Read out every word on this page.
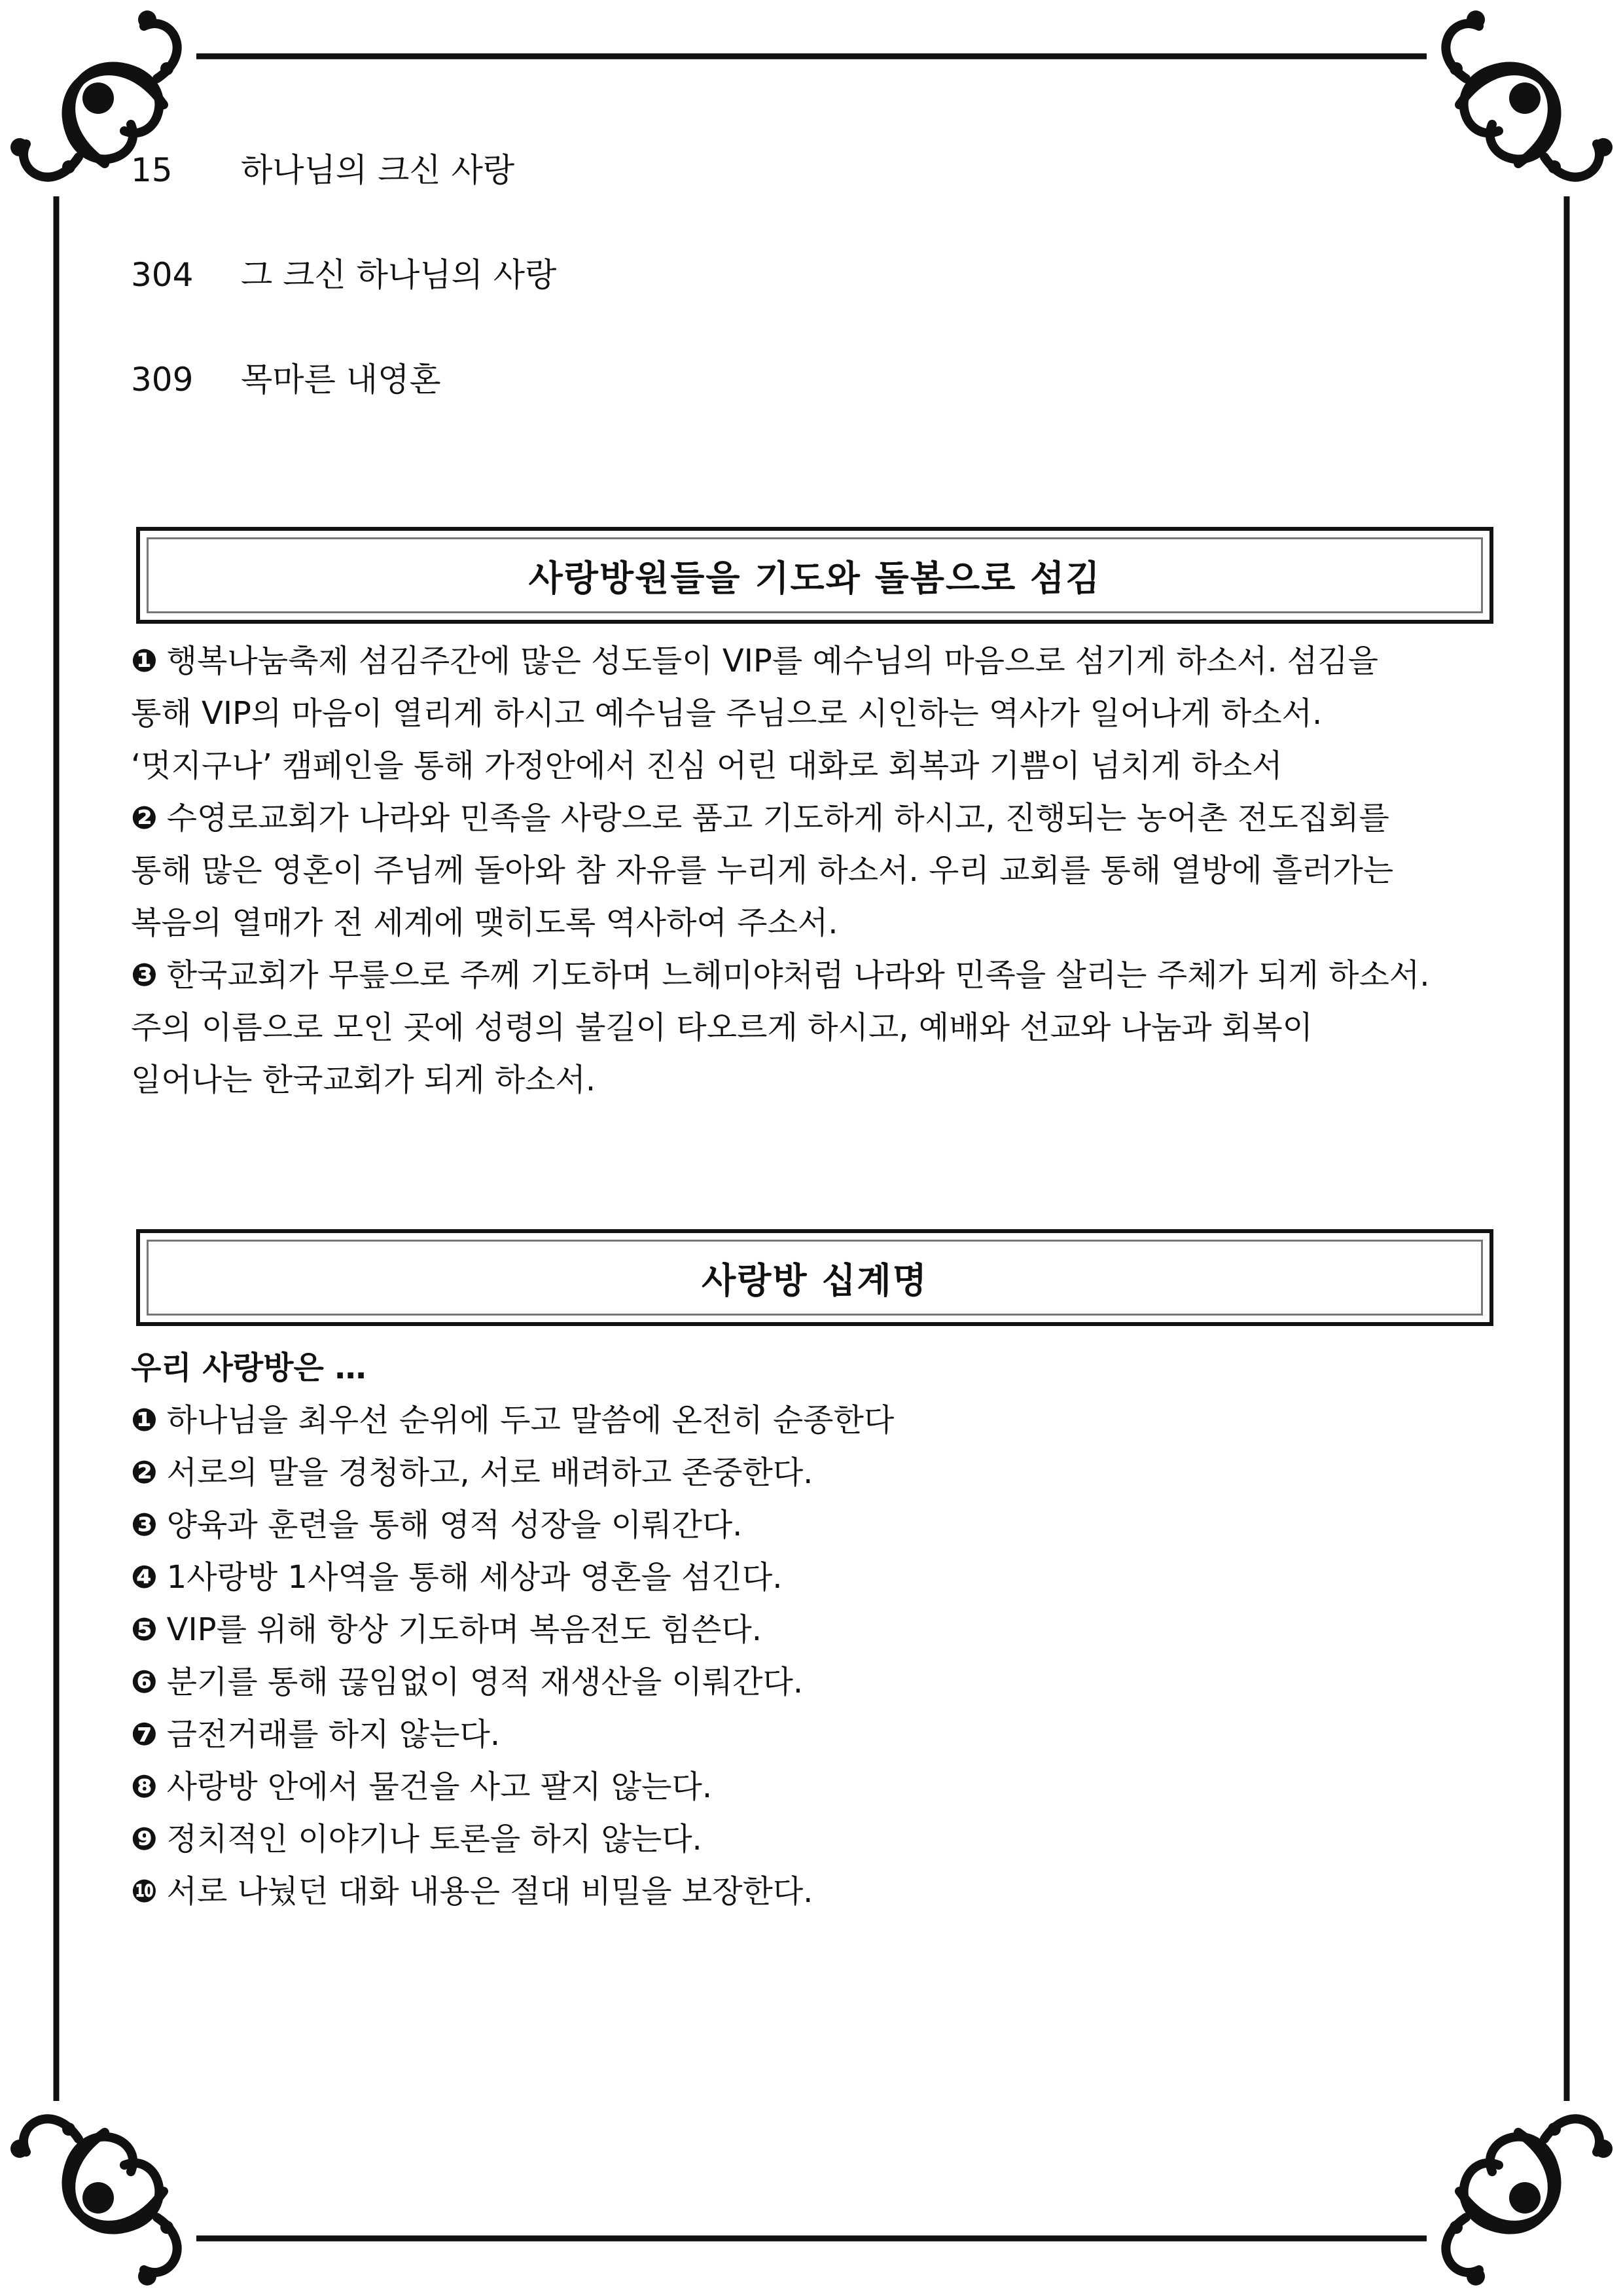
15	하나님의 크신 사랑
304	그 크신 하나님의 사랑
309	목마른 내영혼
사랑방원들을 기도와 돌봄으로 섬김
❶ 행복나눔축제 섬김주간에 많은 성도들이 VIP를 예수님의 마음으로 섬기게 하소서. 섬김을
통해 VIP의 마음이 열리게 하시고 예수님을 주님으로 시인하는 역사가 일어나게 하소서.
‘멋지구나’ 캠페인을 통해 가정안에서 진심 어린 대화로 회복과 기쁨이 넘치게 하소서
❷ 수영로교회가 나라와 민족을 사랑으로 품고 기도하게 하시고, 진행되는 농어촌 전도집회를
통해 많은 영혼이 주님께 돌아와 참 자유를 누리게 하소서. 우리 교회를 통해 열방에 흘러가는
복음의 열매가 전 세계에 맺히도록 역사하여 주소서.
❸ 한국교회가 무릎으로 주께 기도하며 느헤미야처럼 나라와 민족을 살리는 주체가 되게 하소서.
주의 이름으로 모인 곳에 성령의 불길이 타오르게 하시고, 예배와 선교와 나눔과 회복이
일어나는 한국교회가 되게 하소서.
사랑방 십계명
우리 사랑방은 …
❶ 하나님을 최우선 순위에 두고 말씀에 온전히 순종한다
❷ 서로의 말을 경청하고, 서로 배려하고 존중한다.
❸ 양육과 훈련을 통해 영적 성장을 이뤄간다.
❹ 1사랑방 1사역을 통해 세상과 영혼을 섬긴다.
❺ VIP를 위해 항상 기도하며 복음전도 힘쓴다.
❻ 분기를 통해 끊임없이 영적 재생산을 이뤄간다.
❼ 금전거래를 하지 않는다.
❽ 사랑방 안에서 물건을 사고 팔지 않는다.
❾ 정치적인 이야기나 토론을 하지 않는다.
❿ 서로 나눴던 대화 내용은 절대 비밀을 보장한다.
